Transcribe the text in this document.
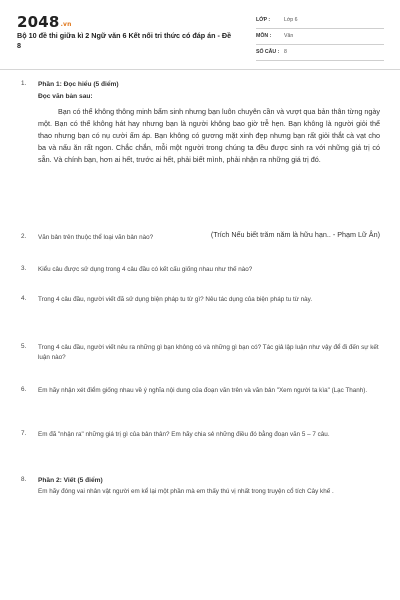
2048.vn
Bộ 10 đề thi giữa kì 2 Ngữ văn 6 Kết nối tri thức có đáp án - Đề 8
LỚP :	Lớp 6
MÔN : Văn
SỐ CÂU : 8
1. Phần 1: Đọc hiểu (5 điểm)
Đọc văn bản sau:
Bạn có thể không thông minh bẩm sinh nhưng bạn luôn chuyên cần và vượt qua bản thân từng ngày một. Bạn có thể không hát hay nhưng bạn là người không bao giờ trễ hẹn. Bạn không là người giỏi thể thao nhưng bạn có nụ cười ấm áp. Bạn không có gương mặt xinh đẹp nhưng bạn rất giỏi thắt cà vạt cho ba và nấu ăn rất ngon. Chắc chắn, mỗi một người trong chúng ta đều được sinh ra với những giá trị có sẵn. Và chính bạn, hơn ai hết, trước ai hết, phải biết mình, phải nhận ra những giá trị đó.
(Trích Nếu biết trăm năm là hữu hạn.. - Phạm Lữ Ân)
2. Văn bản trên thuộc thể loại văn bản nào?
3. Kiểu câu được sử dụng trong 4 câu đầu có kết cấu giống nhau như thế nào?
4. Trong 4 câu đầu, người viết đã sử dụng biện pháp tu từ gì? Nêu tác dụng của biện pháp tu từ này.
5. Trong 4 câu đầu, người viết nêu ra những gì bạn không có và những gì bạn có? Tác giả lập luận như vậy để đi đến sự kết luận nào?
6. Em hãy nhận xét điểm giống nhau về ý nghĩa nội dung của đoạn văn trên và văn bản "Xem người ta kìa" (Lạc Thanh).
7. Em đã "nhận ra" những giá trị gì của bản thân? Em hãy chia sẻ những điều đó bằng đoạn văn 5 – 7 câu.
8. Phần 2: Viết (5 điểm)
Em hãy đóng vai nhân vật người em kể lại một phần mà em thấy thú vị nhất trong truyện cổ tích Cây khế .
